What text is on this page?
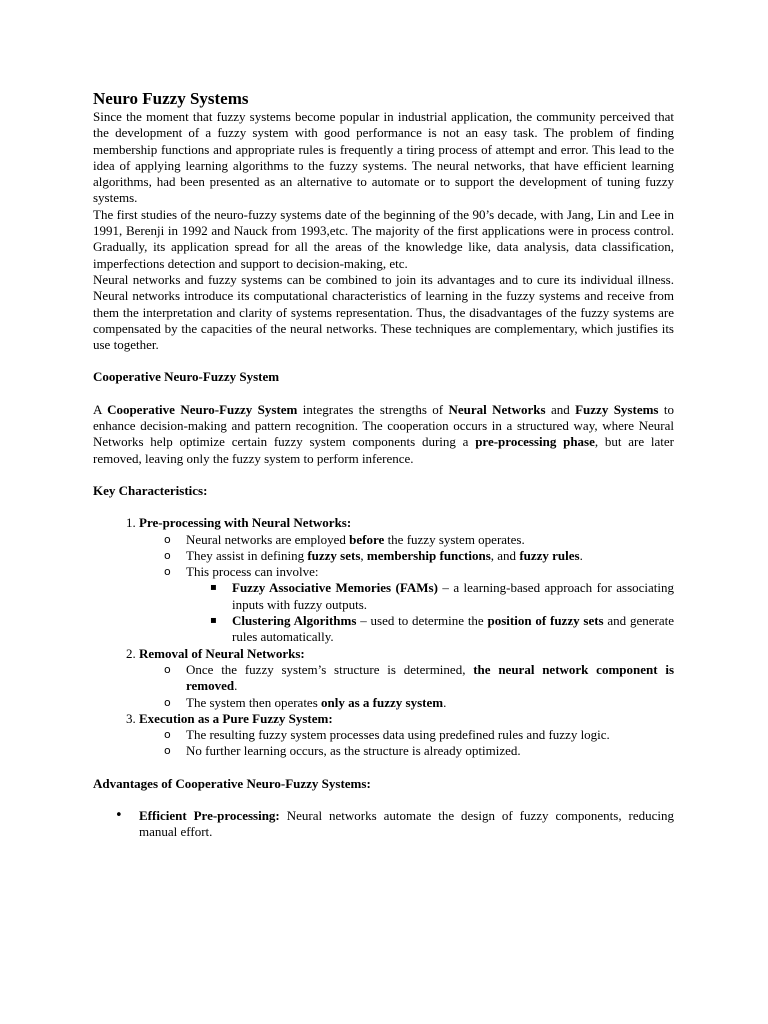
Neuro Fuzzy Systems

Since the moment that fuzzy systems become popular in industrial application, the community perceived that the development of a fuzzy system with good performance is not an easy task. The problem of finding membership functions and appropriate rules is frequently a tiring process of attempt and error. This lead to the idea of applying learning algorithms to the fuzzy systems. The neural networks, that have efficient learning algorithms, had been presented as an alternative to automate or to support the development of tuning fuzzy systems.

The first studies of the neuro-fuzzy systems date of the beginning of the 90’s decade, with Jang, Lin and Lee in 1991, Berenji in 1992 and Nauck from 1993,etc. The majority of the first applications were in process control. Gradually, its application spread for all the areas of the knowledge like, data analysis, data classification, imperfections detection and support to decision-making, etc.

Neural networks and fuzzy systems can be combined to join its advantages and to cure its individual illness. Neural networks introduce its computational characteristics of learning in the fuzzy systems and receive from them the interpretation and clarity of systems representation. Thus, the disadvantages of the fuzzy systems are compensated by the capacities of the neural networks. These techniques are complementary, which justifies its use together.

Cooperative Neuro-Fuzzy System

A Cooperative Neuro-Fuzzy System integrates the strengths of Neural Networks and Fuzzy Systems to enhance decision-making and pattern recognition. The cooperation occurs in a structured way, where Neural Networks help optimize certain fuzzy system components during a pre-processing phase, but are later removed, leaving only the fuzzy system to perform inference.

Key Characteristics:
1. Pre-processing with Neural Networks:
o Neural networks are employed before the fuzzy system operates.
o They assist in defining fuzzy sets, membership functions, and fuzzy rules.
o This process can involve:
▪ Fuzzy Associative Memories (FAMs) – a learning-based approach for associating inputs with fuzzy outputs.
▪ Clustering Algorithms – used to determine the position of fuzzy sets and generate rules automatically.
2. Removal of Neural Networks:
o Once the fuzzy system’s structure is determined, the neural network component is removed.
o The system then operates only as a fuzzy system.
3. Execution as a Pure Fuzzy System:
o The resulting fuzzy system processes data using predefined rules and fuzzy logic.
o No further learning occurs, as the structure is already optimized.
Advantages of Cooperative Neuro-Fuzzy Systems:
• Efficient Pre-processing: Neural networks automate the design of fuzzy components, reducing manual effort.
